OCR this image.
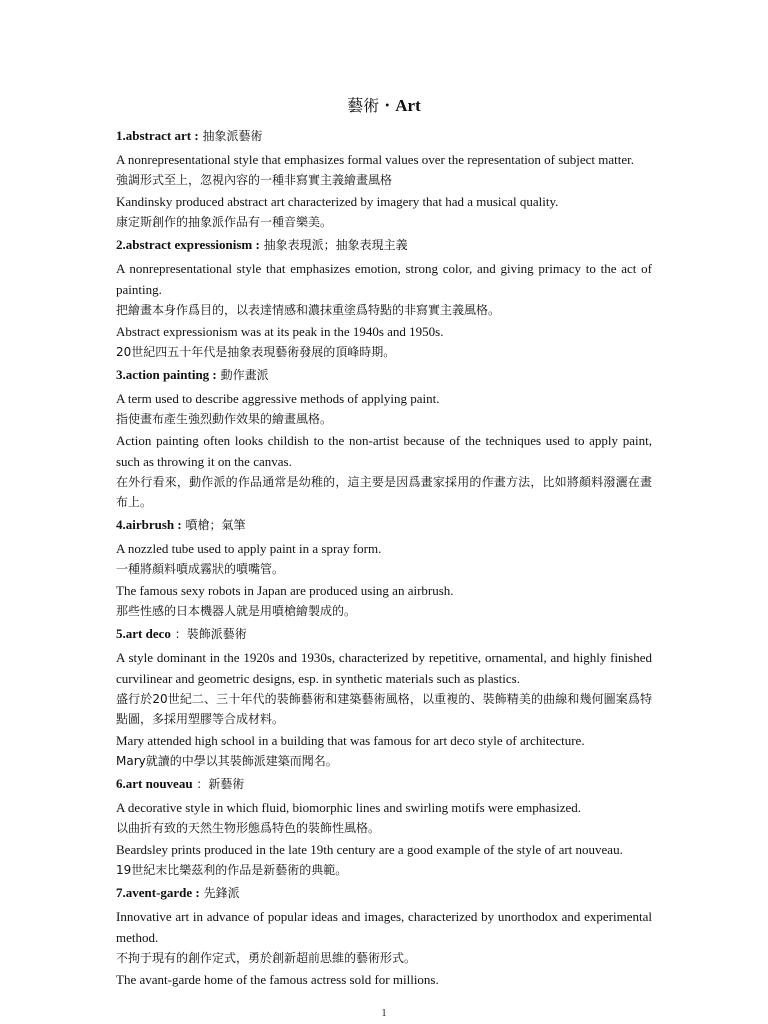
藝術・Art
1.abstract art : 抽象派藝術

A nonrepresentational style that emphasizes formal values over the representation of subject matter.

強調形式至上，忽視內容的一種非寫實主義繪畫風格

Kandinsky produced abstract art characterized by imagery that had a musical quality.

康定斯創作的抽象派作品有一種音樂美。

2.abstract expressionism : 抽象表現派；抽象表現主義

A nonrepresentational style that emphasizes emotion, strong color, and giving primacy to the act of painting.

把繪畫本身作爲目的，以表達情感和濃抹重塗爲特點的非寫實主義風格。

Abstract expressionism was at its peak in the 1940s and 1950s.

20世紀四五十年代是抽象表現藝術發展的頂峰時期。

3.action painting : 動作畫派

A term used to describe aggressive methods of applying paint.

指使畫布產生強烈動作效果的繪畫風格。

Action painting often looks childish to the non-artist because of the techniques used to apply paint, such as throwing it on the canvas.

在外行看來，動作派的作品通常是幼稚的，這主要是因爲畫家採用的作畫方法，比如將顏料潑灑在畫布上。

4.airbrush : 噴槍；氣筆

A nozzled tube used to apply paint in a spray form.

一種將顏料噴成霧狀的噴嘴管。

The famous sexy robots in Japan are produced using an airbrush.

那些性感的日本機器人就是用噴槍繪製成的。

5.art deco ：裝飾派藝術

A style dominant in the 1920s and 1930s, characterized by repetitive, ornamental, and highly finished curvilinear and geometric designs, esp. in synthetic materials such as plastics.

盛行於20世紀二、三十年代的裝飾藝術和建築藝術風格，以重複的、裝飾精美的曲線和幾何圖案爲特點圖，多採用塑膠等合成材料。

Mary attended high school in a building that was famous for art deco style of architecture.

Mary就讀的中學以其裝飾派建築而聞名。

6.art nouveau ：新藝術

A decorative style in which fluid, biomorphic lines and swirling motifs were emphasized.

以曲折有致的天然生物形態爲特色的裝飾性風格。

Beardsley prints produced in the late 19th century are a good example of the style of art nouveau.

19世紀末比樂茲利的作品是新藝術的典範。

7.avent-garde : 先鋒派

Innovative art in advance of popular ideas and images, characterized by unorthodox and experimental method.

不拘于現有的創作定式，勇於創新超前思維的藝術形式。

The avant-garde home of the famous actress sold for millions.

1
